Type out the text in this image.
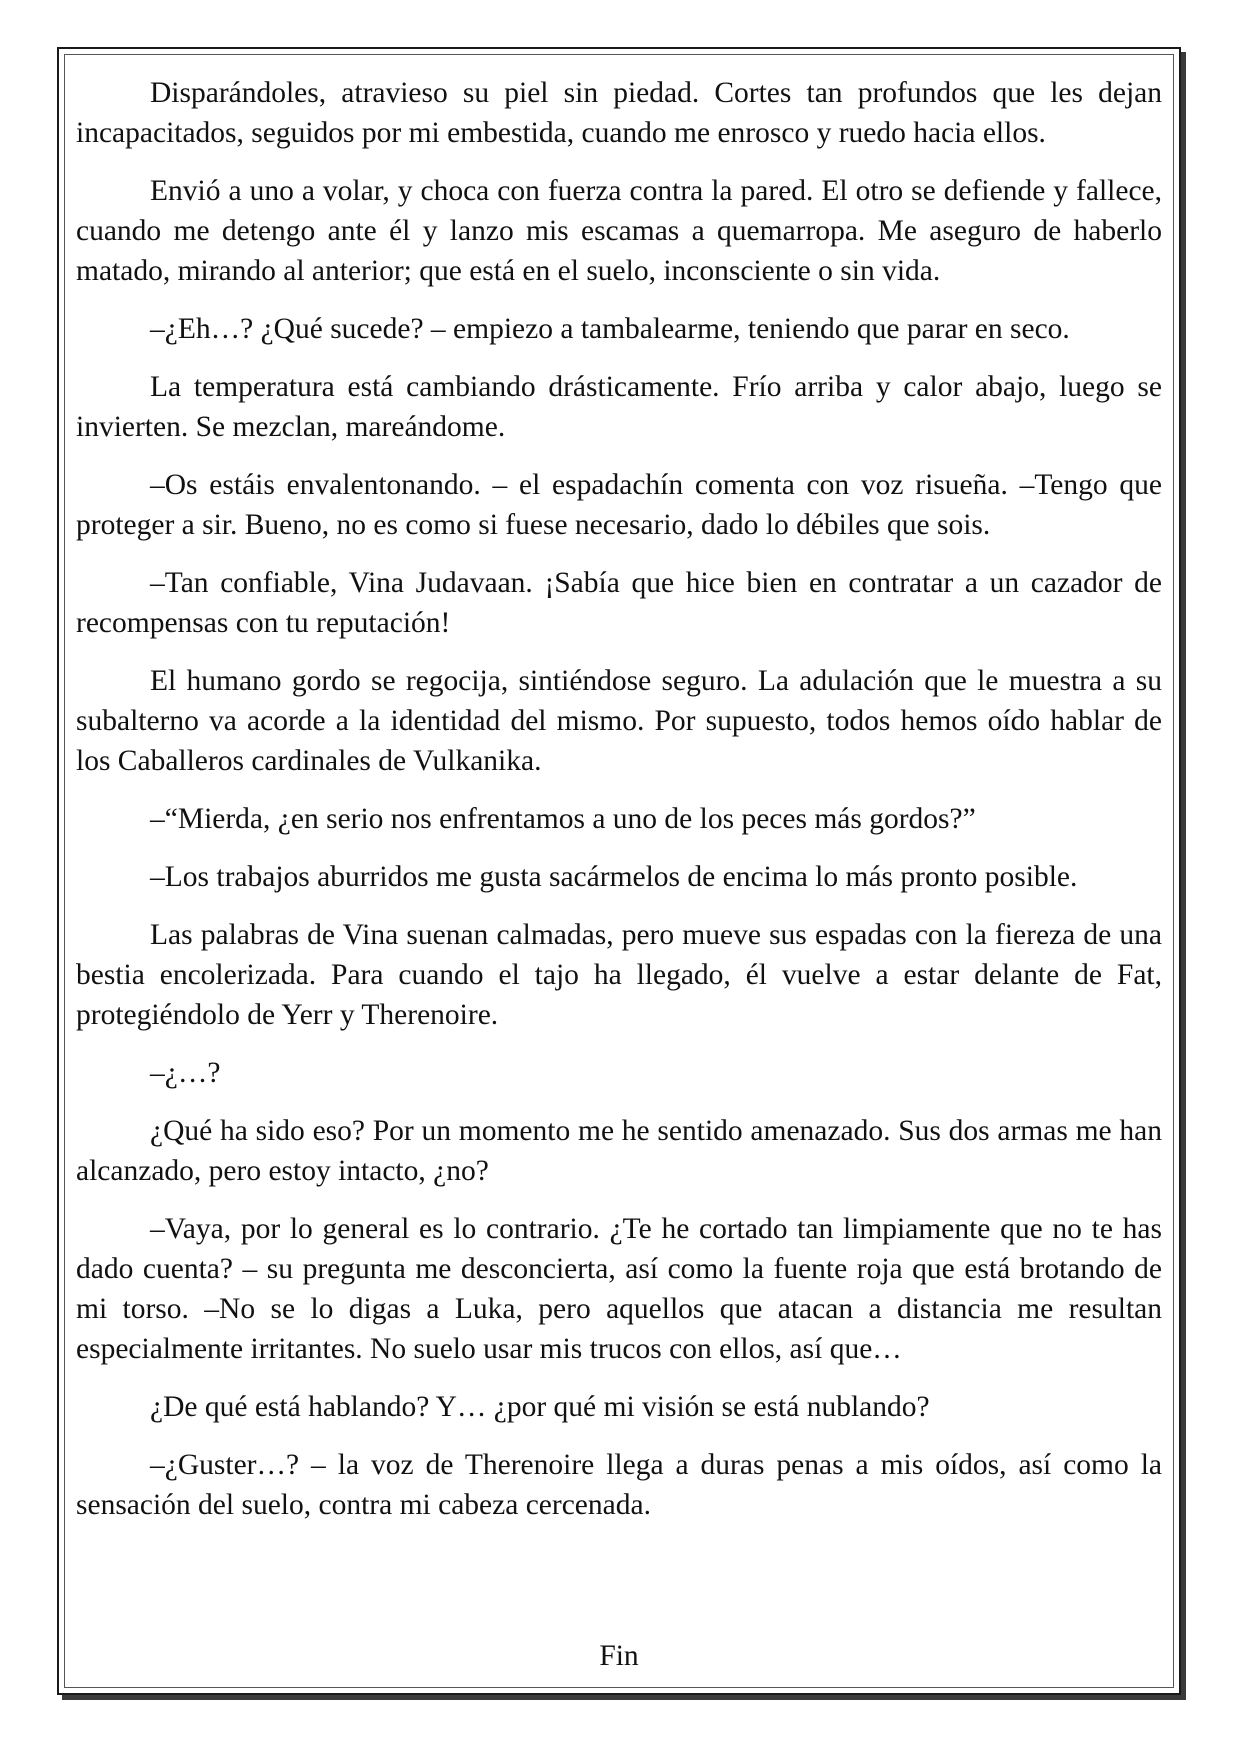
Disparándoles, atravieso su piel sin piedad. Cortes tan profundos que les dejan incapacitados, seguidos por mi embestida, cuando me enrosco y ruedo hacia ellos.

Envió a uno a volar, y choca con fuerza contra la pared. El otro se defiende y fallece, cuando me detengo ante él y lanzo mis escamas a quemarropa. Me aseguro de haberlo matado, mirando al anterior; que está en el suelo, inconsciente o sin vida.

–¿Eh…? ¿Qué sucede? – empiezo a tambalearme, teniendo que parar en seco.

La temperatura está cambiando drásticamente. Frío arriba y calor abajo, luego se invierten. Se mezclan, mareándome.

–Os estáis envalentonando. – el espadachín comenta con voz risueña. –Tengo que proteger a sir. Bueno, no es como si fuese necesario, dado lo débiles que sois.

–Tan confiable, Vina Judavaan. ¡Sabía que hice bien en contratar a un cazador de recompensas con tu reputación!

El humano gordo se regocija, sintiéndose seguro. La adulación que le muestra a su subalterno va acorde a la identidad del mismo. Por supuesto, todos hemos oído hablar de los Caballeros cardinales de Vulkanika.

–“Mierda, ¿en serio nos enfrentamos a uno de los peces más gordos?”

–Los trabajos aburridos me gusta sacármelos de encima lo más pronto posible.

Las palabras de Vina suenan calmadas, pero mueve sus espadas con la fiereza de una bestia encolerizada. Para cuando el tajo ha llegado, él vuelve a estar delante de Fat, protegiéndolo de Yerr y Therenoire.

–¿…?

¿Qué ha sido eso? Por un momento me he sentido amenazado. Sus dos armas me han alcanzado, pero estoy intacto, ¿no?

–Vaya, por lo general es lo contrario. ¿Te he cortado tan limpiamente que no te has dado cuenta? – su pregunta me desconcierta, así como la fuente roja que está brotando de mi torso. –No se lo digas a Luka, pero aquellos que atacan a distancia me resultan especialmente irritantes. No suelo usar mis trucos con ellos, así que…

¿De qué está hablando? Y… ¿por qué mi visión se está nublando?

–¿Guster…? – la voz de Therenoire llega a duras penas a mis oídos, así como la sensación del suelo, contra mi cabeza cercenada.

Fin
